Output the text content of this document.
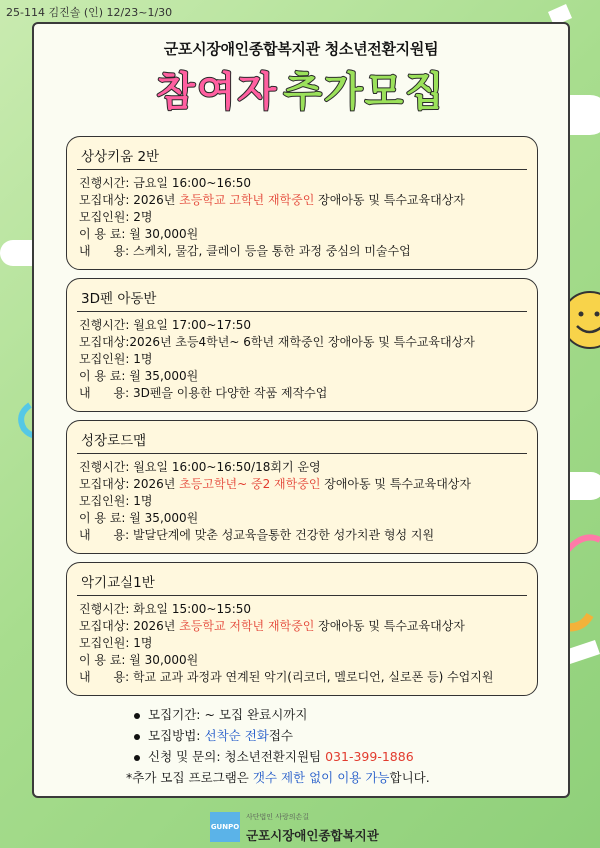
25-114 김진솔 (인) 12/23~1/30
군포시장애인종합복지관 청소년전환지원팀
참여자 추가모집
상상키움 2반
진행시간: 금요일 16:00~16:50
모집대상: 2026년 초등학교 고학년 재학중인 장애아동 및 특수교육대상자
모집인원: 2명
이 용 료: 월 30,000원
내      용: 스케치, 물감, 클레이 등을 통한 과정 중심의 미술수업
3D펜 아동반
진행시간: 월요일 17:00~17:50
모집대상:2026년 초등4학년~ 6학년 재학중인 장애아동 및 특수교육대상자
모집인원: 1명
이 용 료: 월 35,000원
내      용: 3D펜을 이용한 다양한 작품 제작수업
성장로드맵
진행시간: 월요일 16:00~16:50/18회기 운영
모집대상: 2026년 초등고학년~ 중2 재학중인 장애아동 및 특수교육대상자
모집인원: 1명
이 용 료: 월 35,000원
내      용: 발달단계에 맞춘 성교육을통한 건강한 성가치관 형성 지원
악기교실1반
진행시간: 화요일 15:00~15:50
모집대상: 2026년 초등학교 저학년 재학중인 장애아동 및 특수교육대상자
모집인원: 1명
이 용 료: 월 30,000원
내      용: 학교 교과 과정과 연계된 악기(리코더, 멜로디언, 실로폰 등) 수업지원
모집기간: ~ 모집 완료시까지
모집방법: 선착순 전화접수
신청 및 문의: 청소년전환지원팀 031-399-1886
*추가 모집 프로그램은 갯수 제한 없이 이용 가능합니다.
GUNPO
사단법인 사랑의손길
군포시장애인종합복지관
